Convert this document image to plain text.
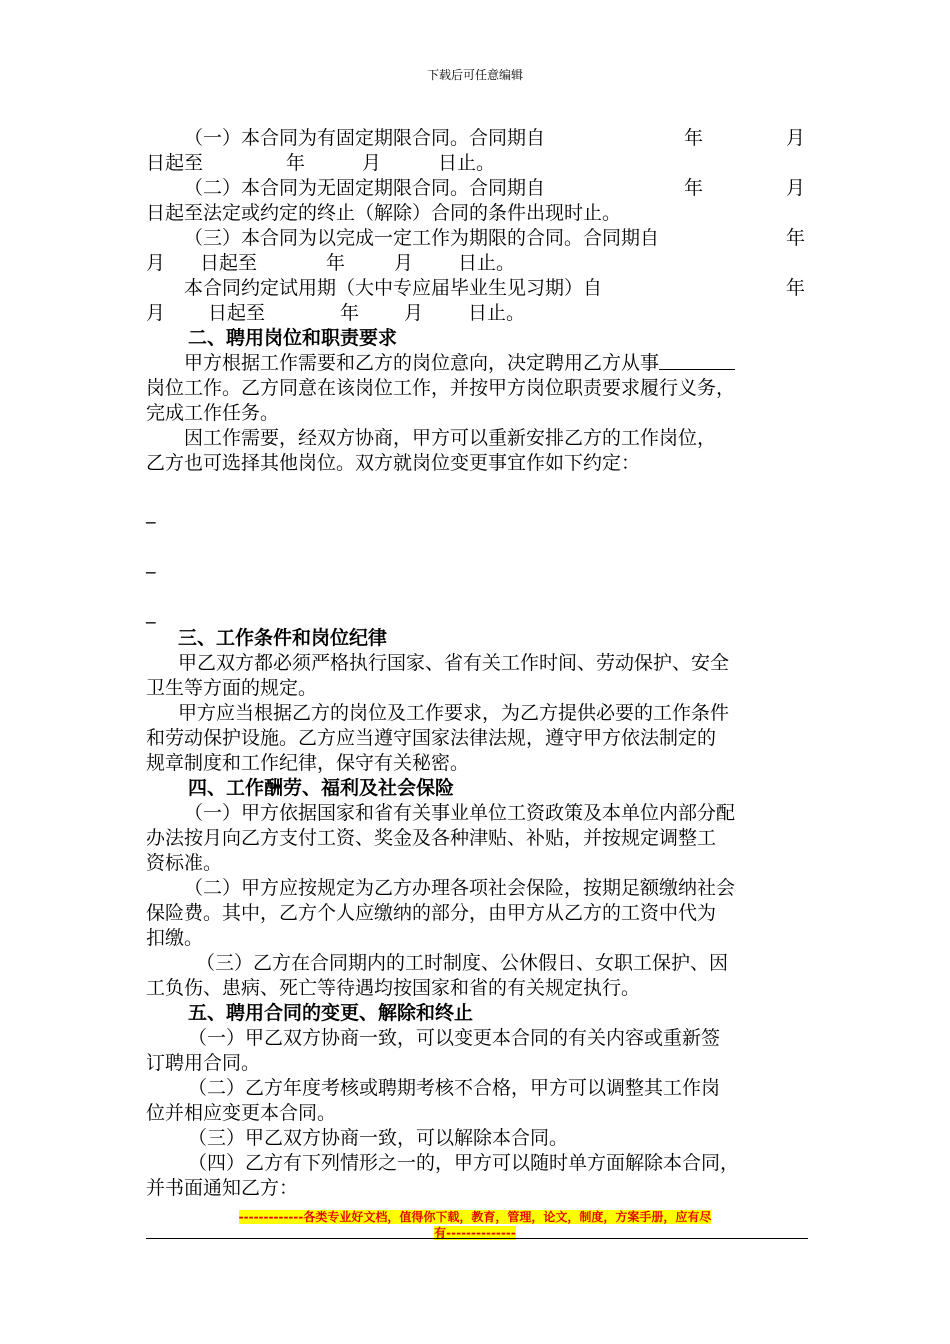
下载后可任意编辑
（一）本合同为有固定期限合同。合同期自	年	月
日起至	年	月	日止。
（二）本合同为无固定期限合同。合同期自	年	月
日起至法定或约定的终止（解除）合同的条件出现时止。
（三）本合同为以完成一定工作为期限的合同。合同期自	年
月 日起至	年	月 日止。
本合同约定试用期（大中专应届毕业生见习期）自	年
月 日起至	年 月 日止。
二、聘用岗位和职责要求
甲方根据工作需要和乙方的岗位意向，决定聘用乙方从事
岗位工作。乙方同意在该岗位工作，并按甲方岗位职责要求履行义务，
完成工作任务。
因工作需要，经双方协商，甲方可以重新安排乙方的工作岗位，
乙方也可选择其他岗位。双方就岗位变更事宜作如下约定：
_
_
_
三、工作条件和岗位纪律
甲乙双方都必须严格执行国家、省有关工作时间、劳动保护、安全
卫生等方面的规定。
甲方应当根据乙方的岗位及工作要求，为乙方提供必要的工作条件
和劳动保护设施。乙方应当遵守国家法律法规，遵守甲方依法制定的
规章制度和工作纪律，保守有关秘密。
四、工作酬劳、福利及社会保险
（一）甲方依据国家和省有关事业单位工资政策及本单位内部分配
办法按月向乙方支付工资、奖金及各种津贴、补贴，并按规定调整工
资标准。
（二）甲方应按规定为乙方办理各项社会保险，按期足额缴纳社会
保险费。其中，乙方个人应缴纳的部分，由甲方从乙方的工资中代为
扣缴。
（三）乙方在合同期内的工时制度、公休假日、女职工保护、因
工负伤、患病、死亡等待遇均按国家和省的有关规定执行。
五、聘用合同的变更、解除和终止
（一）甲乙双方协商一致，可以变更本合同的有关内容或重新签
订聘用合同。
（二）乙方年度考核或聘期考核不合格，甲方可以调整其工作岗
位并相应变更本合同。
（三）甲乙双方协商一致，可以解除本合同。
（四）乙方有下列情形之一的，甲方可以随时单方面解除本合同，
并书面通知乙方：
-------------各类专业好文档，值得你下载，教育，管理，论文，制度，方案手册，应有尽
有--------------
